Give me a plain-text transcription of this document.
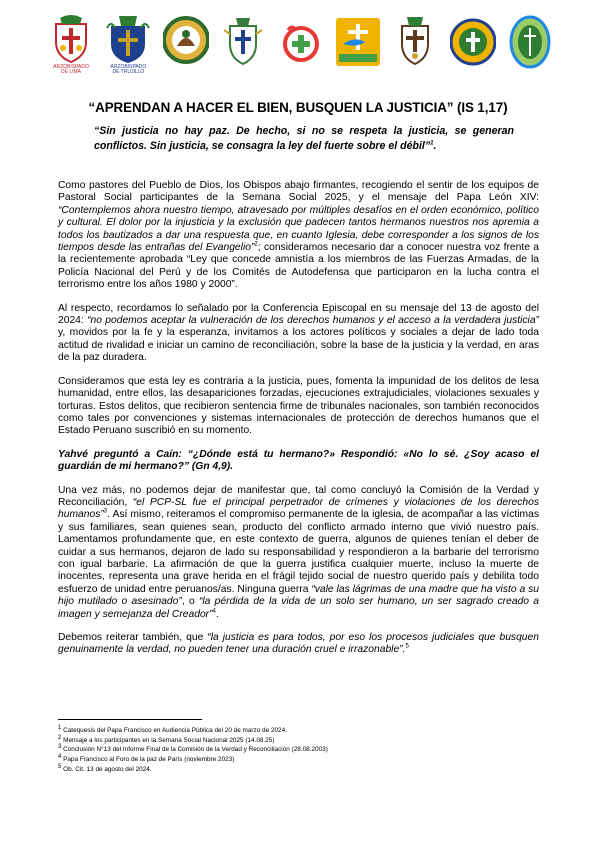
ARZOBISPADO
DE LIMA
ARZOBISPADO
DE TRUJILLO
“APRENDAN A HACER EL BIEN, BUSQUEN LA JUSTICIA” (IS 1,17)
“Sin justicia no hay paz. De hecho, si no se respeta la justicia, se generan conflictos. Sin justicia, se consagra la ley del fuerte sobre el débil”$^1$.

Como pastores del Pueblo de Dios, los Obispos abajo firmantes, recogiendo el sentir de los equipos de Pastoral Social participantes de la Semana Social 2025, y el mensaje del Papa León XIV: “Contemplemos ahora nuestro tiempo, atravesado por múltiples desafíos en el orden económico, político y cultural. El dolor por la injusticia y la exclusión que padecen tantos hermanos nuestros nos apremia a todos los bautizados a dar una respuesta que, en cuanto Iglesia, debe corresponder a los signos de los tiempos desde las entrañas del Evangelio”$^2$; consideramos necesario dar a conocer nuestra voz frente a la recientemente aprobada “Ley que concede amnistía a los miembros de las Fuerzas Armadas, de la Policía Nacional del Perú y de los Comités de Autodefensa que participaron en la lucha contra el terrorismo entre los años 1980 y 2000”.

Al respecto, recordamos lo señalado por la Conferencia Episcopal en su mensaje del 13 de agosto del 2024: “no podemos aceptar la vulneración de los derechos humanos y el acceso a la verdadera justicia” y, movidos por la fe y la esperanza, invitamos a los actores políticos y sociales a dejar de lado toda actitud de rivalidad e iniciar un camino de reconciliación, sobre la base de la justicia y la verdad, en aras de la paz duradera.

Consideramos que esta ley es contraria a la justicia, pues, fomenta la impunidad de los delitos de lesa humanidad, entre ellos, las desapariciones forzadas, ejecuciones extrajudiciales, violaciones sexuales y torturas. Estos delitos, que recibieron sentencia firme de tribunales nacionales, son también reconocidos como tales por convenciones y sistemas internacionales de protección de derechos humanos que el Estado Peruano suscribió en su momento.

Yahvé preguntó a Caín: “¿Dónde está tu hermano?» Respondió: «No lo sé. ¿Soy acaso el guardián de mi hermano?” (Gn 4,9).

Una vez más, no podemos dejar de manifestar que, tal como concluyó la Comisión de la Verdad y Reconciliación, “el PCP-SL fue el principal perpetrador de crímenes y violaciones de los derechos humanos”$^3$. Así mismo, reiteramos el compromiso permanente de la iglesia, de acompañar a las víctimas y sus familiares, sean quienes sean, producto del conflicto armado interno que vivió nuestro país. Lamentamos profundamente que, en este contexto de guerra, algunos de quienes tenían el deber de cuidar a sus hermanos, dejaron de lado su responsabilidad y respondieron a la barbarie del terrorismo con igual barbarie. La afirmación de que la guerra justifica cualquier muerte, incluso la muerte de inocentes, representa una grave herida en el frágil tejido social de nuestro querido país y debilita todo esfuerzo de unidad entre peruanos/as. Ninguna guerra “vale las lágrimas de una madre que ha visto a su hijo mutilado o asesinado”, o “la pérdida de la vida de un solo ser humano, un ser sagrado creado a imagen y semejanza del Creador”$^4$.

Debemos reiterar también, que “la justicia es para todos, por eso los procesos judiciales que busquen genuinamente la verdad, no pueden tener una duración cruel e irrazonable”.$^5$

$^1$ Catequesis del Papa Francisco en Audiencia Pública del 20 de marzo de 2024.
$^2$ Mensaje a los participantes en la Semana Social Nacional 2025 (14.08.25)
$^3$ Conclusión N°13 del Informe Final de la Comisión de la Verdad y Reconciliación (28.08.2003)
$^4$ Papa Francisco al Foro de la paz de París (noviembre 2023)
$^5$ Ob. Cit. 13 de agosto del 2024.
